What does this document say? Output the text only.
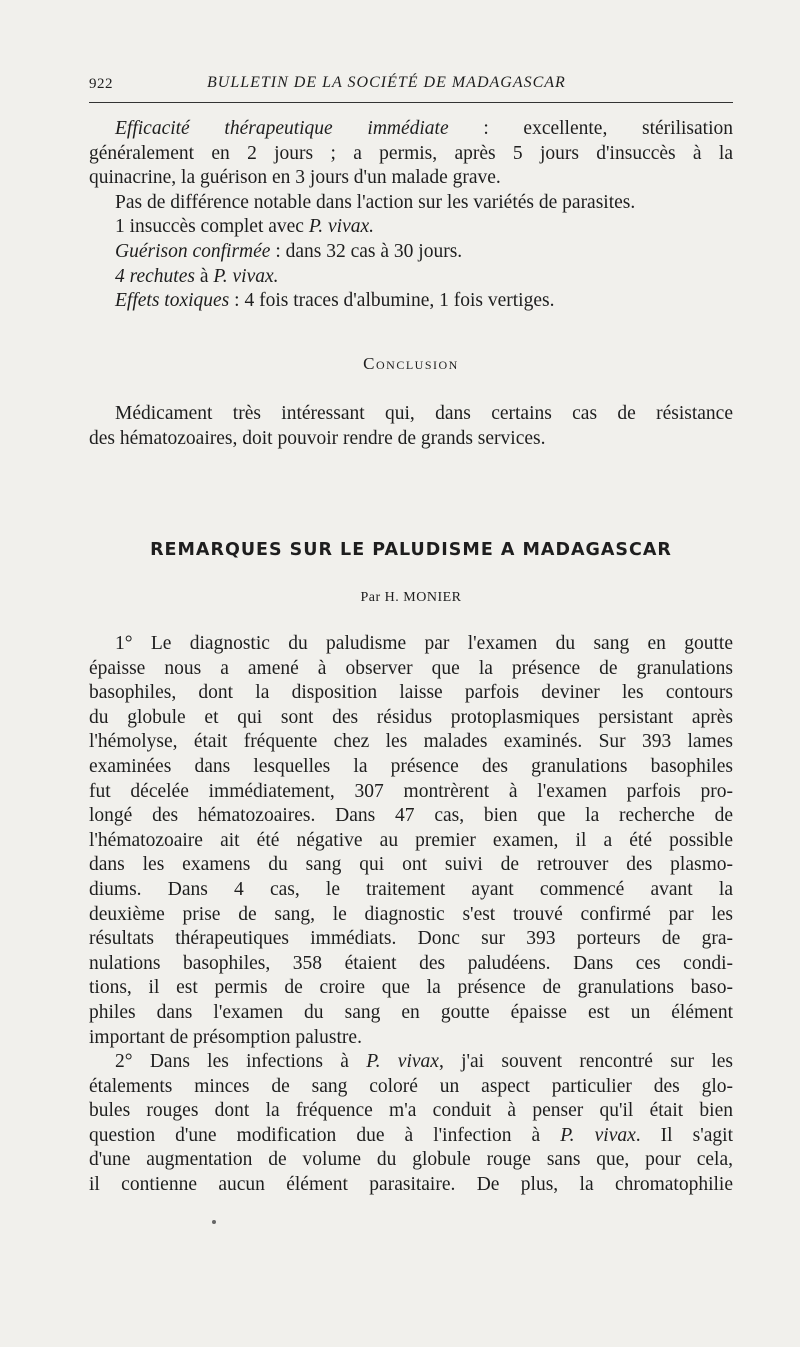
922	BULLETIN DE LA SOCIÉTÉ DE MADAGASCAR
Efficacité thérapeutique immédiate : excellente, stérilisation
généralement en 2 jours ; a permis, après 5 jours d'insuccès à la
quinacrine, la guérison en 3 jours d'un malade grave.
Pas de différence notable dans l'action sur les variétés de parasites.
1 insuccès complet avec P. vivax.
Guérison confirmée : dans 32 cas à 30 jours.
4 rechutes à P. vivax.
Effets toxiques : 4 fois traces d'albumine, 1 fois vertiges.
Conclusion
Médicament très intéressant qui, dans certains cas de résistance
des hématozoaires, doit pouvoir rendre de grands services.
REMARQUES SUR LE PALUDISME A MADAGASCAR
Par H. MONIER
1° Le diagnostic du paludisme par l'examen du sang en goutte
épaisse nous a amené à observer que la présence de granulations
basophiles, dont la disposition laisse parfois deviner les contours
du globule et qui sont des résidus protoplasmiques persistant après
l'hémolyse, était fréquente chez les malades examinés. Sur 393 lames
examinées dans lesquelles la présence des granulations basophiles
fut décelée immédiatement, 307 montrèrent à l'examen parfois pro-
longé des hématozoaires. Dans 47 cas, bien que la recherche de
l'hématozoaire ait été négative au premier examen, il a été possible
dans les examens du sang qui ont suivi de retrouver des plasmo-
diums. Dans 4 cas, le traitement ayant commencé avant la
deuxième prise de sang, le diagnostic s'est trouvé confirmé par les
résultats thérapeutiques immédiats. Donc sur 393 porteurs de gra-
nulations basophiles, 358 étaient des paludéens. Dans ces condi-
tions, il est permis de croire que la présence de granulations baso-
philes dans l'examen du sang en goutte épaisse est un élément
important de présomption palustre.
2° Dans les infections à P. vivax, j'ai souvent rencontré sur les
étalements minces de sang coloré un aspect particulier des glo-
bules rouges dont la fréquence m'a conduit à penser qu'il était bien
question d'une modification due à l'infection à P. vivax. Il s'agit
d'une augmentation de volume du globule rouge sans que, pour cela,
il contienne aucun élément parasitaire. De plus, la chromatophilie
